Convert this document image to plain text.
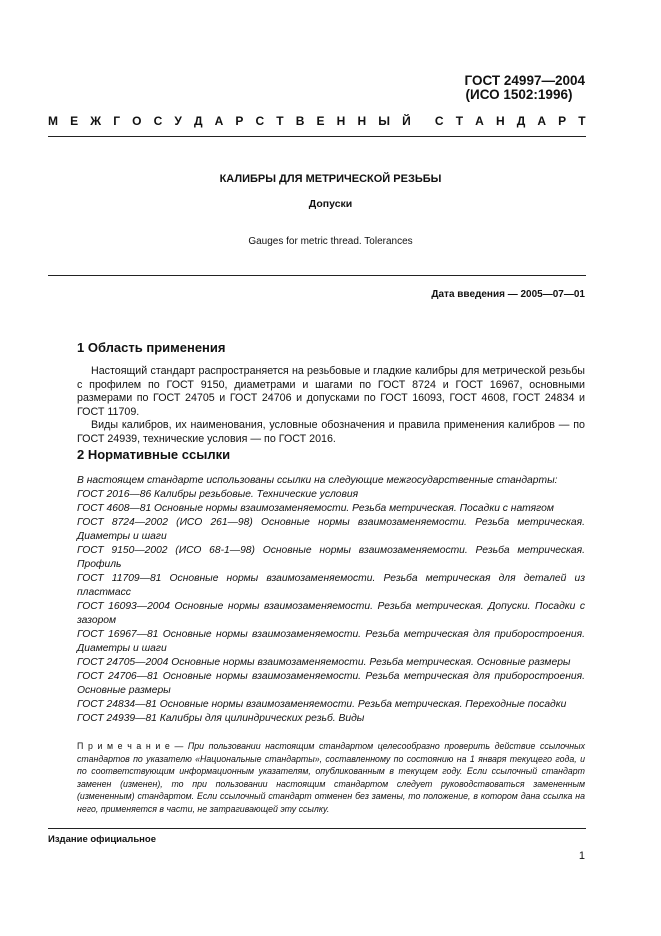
ГОСТ 24997—2004
(ИСО 1502:1996)
М Е Ж Г О С У Д А Р С Т В Е Н Н Ы Й С Т А Н Д А Р Т
КАЛИБРЫ ДЛЯ МЕТРИЧЕСКОЙ РЕЗЬБЫ
Допуски
Gauges for metric thread. Tolerances
Дата введения — 2005—07—01
1 Область применения
Настоящий стандарт распространяется на резьбовые и гладкие калибры для метрической резьбы с профилем по ГОСТ 9150, диаметрами и шагами по ГОСТ 8724 и ГОСТ 16967, основными размерами по ГОСТ 24705 и ГОСТ 24706 и допусками по ГОСТ 16093, ГОСТ 4608, ГОСТ 24834 и ГОСТ 11709.
Виды калибров, их наименования, условные обозначения и правила применения калибров — по ГОСТ 24939, технические условия — по ГОСТ 2016.
2 Нормативные ссылки
В настоящем стандарте использованы ссылки на следующие межгосударственные стандарты:
ГОСТ 2016—86 Калибры резьбовые. Технические условия
ГОСТ 4608—81 Основные нормы взаимозаменяемости. Резьба метрическая. Посадки с натягом
ГОСТ 8724—2002 (ИСО 261—98) Основные нормы взаимозаменяемости. Резьба метрическая. Диаметры и шаги
ГОСТ 9150—2002 (ИСО 68-1—98) Основные нормы взаимозаменяемости. Резьба метрическая. Профиль
ГОСТ 11709—81 Основные нормы взаимозаменяемости. Резьба метрическая для деталей из пластмасс
ГОСТ 16093—2004 Основные нормы взаимозаменяемости. Резьба метрическая. Допуски. Посадки с зазором
ГОСТ 16967—81 Основные нормы взаимозаменяемости. Резьба метрическая для приборостроения. Диаметры и шаги
ГОСТ 24705—2004 Основные нормы взаимозаменяемости. Резьба метрическая. Основные размеры
ГОСТ 24706—81 Основные нормы взаимозаменяемости. Резьба метрическая для приборостроения. Основные размеры
ГОСТ 24834—81 Основные нормы взаимозаменяемости. Резьба метрическая. Переходные посадки
ГОСТ 24939—81 Калибры для цилиндрических резьб. Виды
П р и м е ч а н и е — При пользовании настоящим стандартом целесообразно проверить действие ссылочных стандартов по указателю «Национальные стандарты», составленному по состоянию на 1 января текущего года, и по соответствующим информационным указателям, опубликованным в текущем году. Если ссылочный стандарт заменен (изменен), то при пользовании настоящим стандартом следует руководствоваться замененным (измененным) стандартом. Если ссылочный стандарт отменен без замены, то положение, в котором дана ссылка на него, применяется в части, не затрагивающей эту ссылку.
Издание официальное
1
